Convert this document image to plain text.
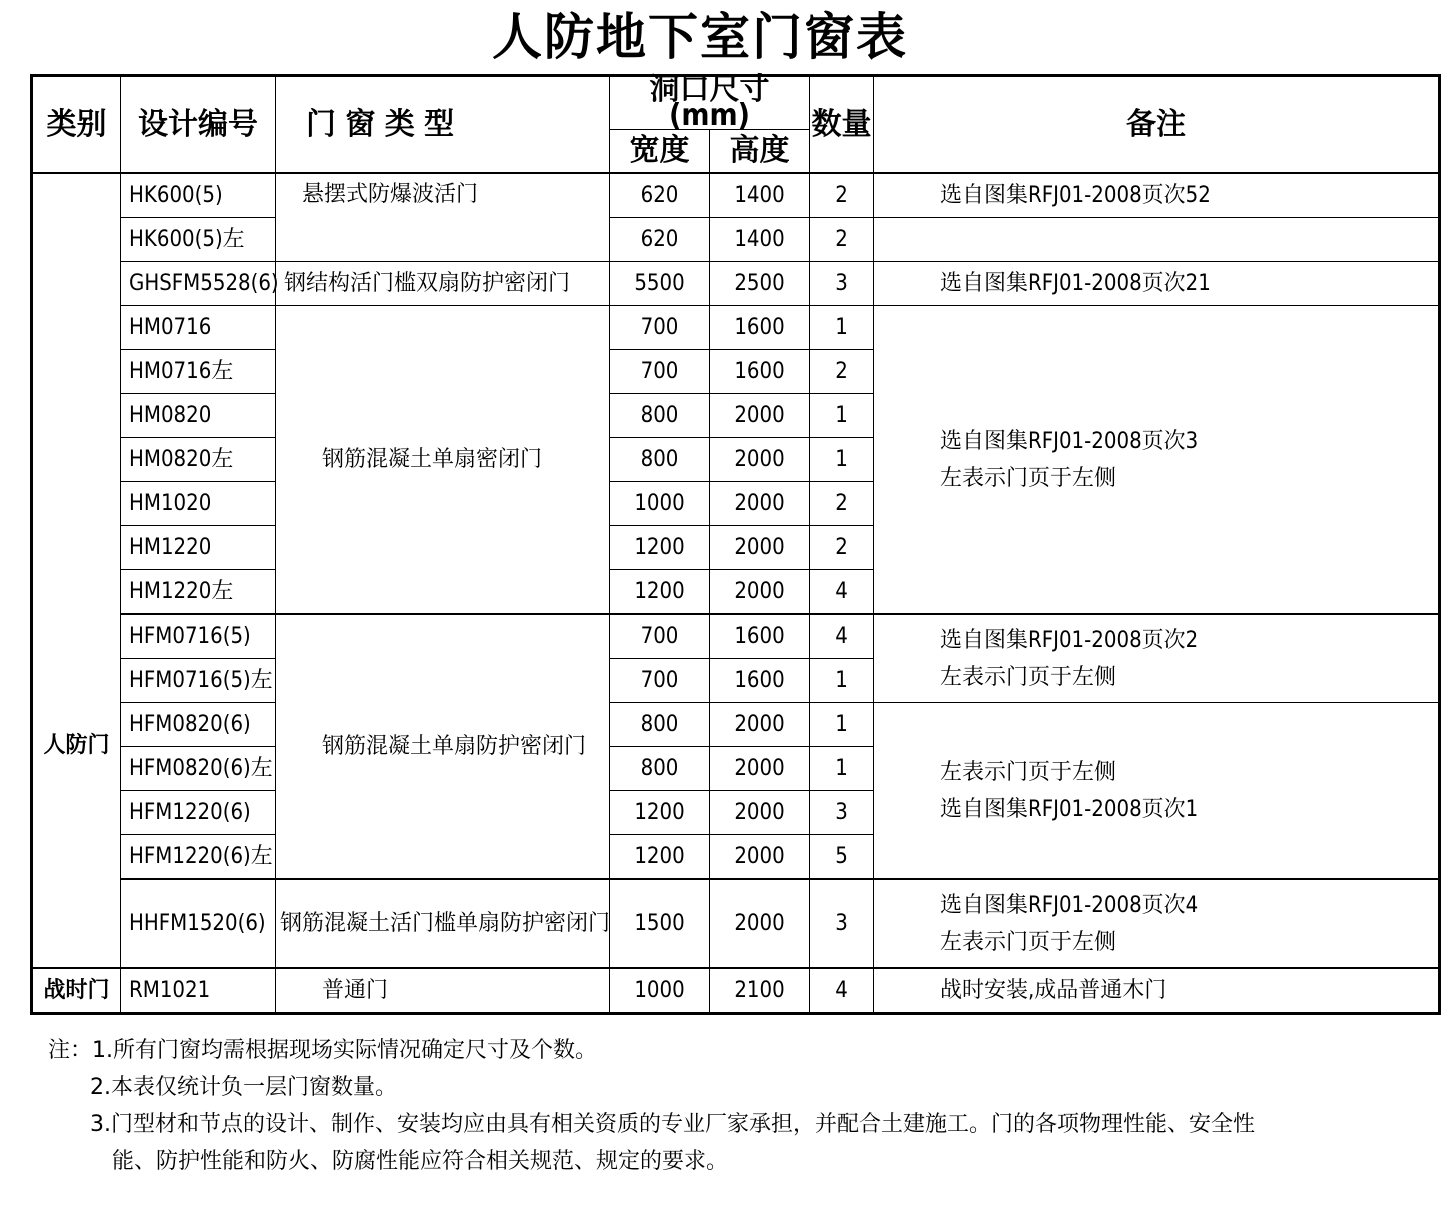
人防地下室门窗表
类别	设计编号	门 窗 类 型	洞口尺寸 (mm)		数量	备注
			宽度	高度		
人防门	HK600(5)	悬摆式防爆波活门	620	1400	2	选自图集RFJ01-2008页次52
	HK600(5)左		620	1400	2	
	GHSFM5528(6)	钢结构活门槛双扇防护密闭门	5500	2500	3	选自图集RFJ01-2008页次21
	HM0716	钢筋混凝土单扇密闭门	700	1600	1	选自图集RFJ01-2008页次3
左表示门页于左侧

	HM0716左		700	1600	2	
	HM0820		800	2000	1	
	HM0820左		800	2000	1	
	HM1020		1000	2000	2	
	HM1220		1200	2000	2	
	HM1220左		1200	2000	4	
	HFM0716(5)	钢筋混凝土单扇防护密闭门	700	1600	4	选自图集RFJ01-2008页次2
左表示门页于左侧

	HFM0716(5)左		700	1600	1	
	HFM0820(6)		800	2000	1	左表示门页于左侧
选自图集RFJ01-2008页次1

	HFM0820(6)左		800	2000	1	
	HFM1220(6)		1200	2000	3	
	HFM1220(6)左		1200	2000	5	
	HHFM1520(6)	钢筋混凝土活门槛单扇防护密闭门	1500	2000	3	选自图集RFJ01-2008页次4
左表示门页于左侧

战时门	RM1021	普通门	1000	2100	4	战时安装,成品普通木门
注：1.所有门窗均需根据现场实际情况确定尺寸及个数。
2.本表仅统计负一层门窗数量。
3.门型材和节点的设计、制作、安装均应由具有相关资质的专业厂家承担，并配合土建施工。门的各项物理性能、安全性
能、防护性能和防火、防腐性能应符合相关规范、规定的要求。
